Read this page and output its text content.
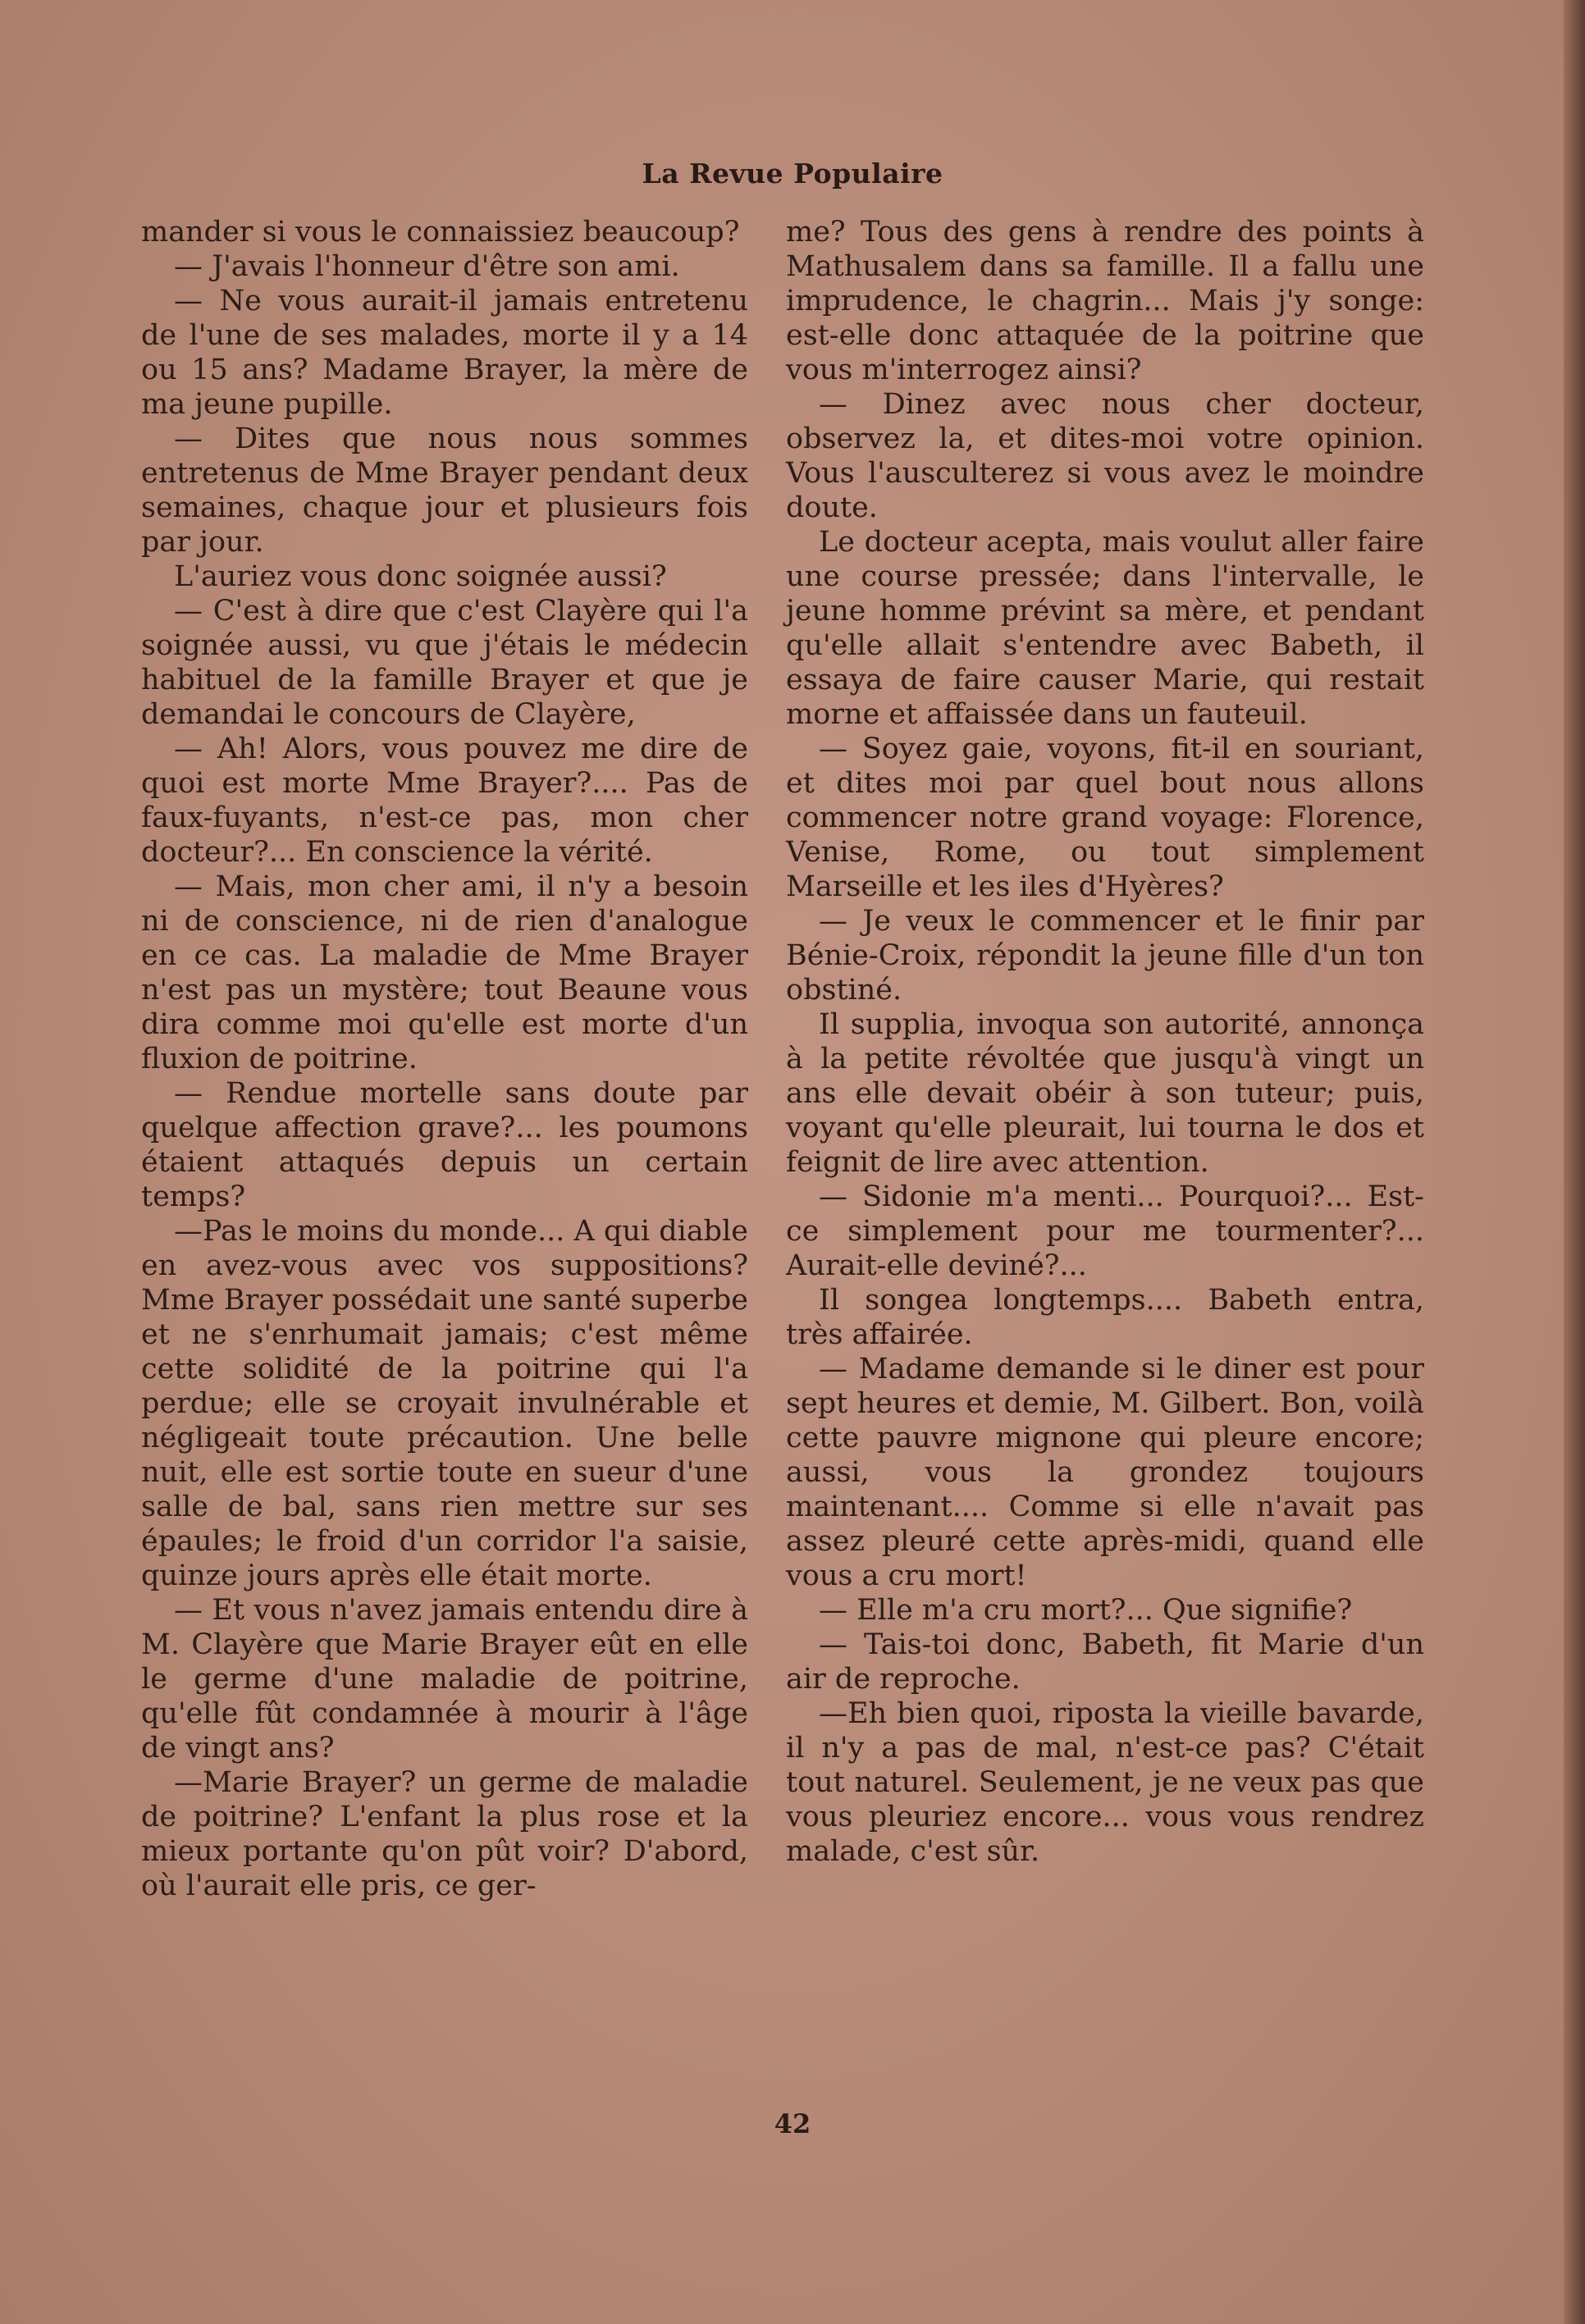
La Revue Populaire

mander si vous le connaissiez beaucoup?

— J'avais l'honneur d'être son ami.

— Ne vous aurait-il jamais entretenu de l'une de ses malades, morte il y a 14 ou 15 ans? Madame Brayer, la mère de ma jeune pupille.

— Dites que nous nous sommes entretenus de Mme Brayer pendant deux semaines, chaque jour et plusieurs fois par jour.

L'auriez vous donc soignée aussi?

— C'est à dire que c'est Clayère qui l'a soignée aussi, vu que j'étais le médecin habituel de la famille Brayer et que je demandai le concours de Clayère,

— Ah! Alors, vous pouvez me dire de quoi est morte Mme Brayer?.... Pas de faux-fuyants, n'est-ce pas, mon cher docteur?... En conscience la vérité.

— Mais, mon cher ami, il n'y a besoin ni de conscience, ni de rien d'analogue en ce cas. La maladie de Mme Brayer n'est pas un mystère; tout Beaune vous dira comme moi qu'elle est morte d'un fluxion de poitrine.

— Rendue mortelle sans doute par quelque affection grave?... les poumons étaient attaqués depuis un certain temps?

—Pas le moins du monde... A qui diable en avez-vous avec vos suppositions? Mme Brayer possédait une santé superbe et ne s'enrhumait jamais; c'est même cette solidité de la poitrine qui l'a perdue; elle se croyait invulnérable et négligeait toute précaution. Une belle nuit, elle est sortie toute en sueur d'une salle de bal, sans rien mettre sur ses épaules; le froid d'un corridor l'a saisie, quinze jours après elle était morte.

— Et vous n'avez jamais entendu dire à M. Clayère que Marie Brayer eût en elle le germe d'une maladie de poitrine, qu'elle fût condamnée à mourir à l'âge de vingt ans?

—Marie Brayer? un germe de maladie de poitrine? L'enfant la plus rose et la mieux portante qu'on pût voir? D'abord, où l'aurait elle pris, ce ger-

me? Tous des gens à rendre des points à Mathusalem dans sa famille. Il a fallu une imprudence, le chagrin... Mais j'y songe: est-elle donc attaquée de la poitrine que vous m'interrogez ainsi?

— Dinez avec nous cher docteur, observez la, et dites-moi votre opinion. Vous l'ausculterez si vous avez le moindre doute.

Le docteur acepta, mais voulut aller faire une course pressée; dans l'intervalle, le jeune homme prévint sa mère, et pendant qu'elle allait s'entendre avec Babeth, il essaya de faire causer Marie, qui restait morne et affaissée dans un fauteuil.

— Soyez gaie, voyons, fit-il en souriant, et dites moi par quel bout nous allons commencer notre grand voyage: Florence, Venise, Rome, ou tout simplement Marseille et les iles d'Hyères?

— Je veux le commencer et le finir par Bénie-Croix, répondit la jeune fille d'un ton obstiné.

Il supplia, invoqua son autorité, annonça à la petite révoltée que jusqu'à vingt un ans elle devait obéir à son tuteur; puis, voyant qu'elle pleurait, lui tourna le dos et feignit de lire avec attention.

— Sidonie m'a menti... Pourquoi?... Est-ce simplement pour me tourmenter?... Aurait-elle deviné?...

Il songea longtemps.... Babeth entra, très affairée.

— Madame demande si le diner est pour sept heures et demie, M. Gilbert. Bon, voilà cette pauvre mignone qui pleure encore; aussi, vous la grondez toujours maintenant.... Comme si elle n'avait pas assez pleuré cette après-midi, quand elle vous a cru mort!

— Elle m'a cru mort?... Que signifie?

— Tais-toi donc, Babeth, fit Marie d'un air de reproche.

—Eh bien quoi, riposta la vieille bavarde, il n'y a pas de mal, n'est-ce pas? C'était tout naturel. Seulement, je ne veux pas que vous pleuriez encore... vous vous rendrez malade, c'est sûr.

42
